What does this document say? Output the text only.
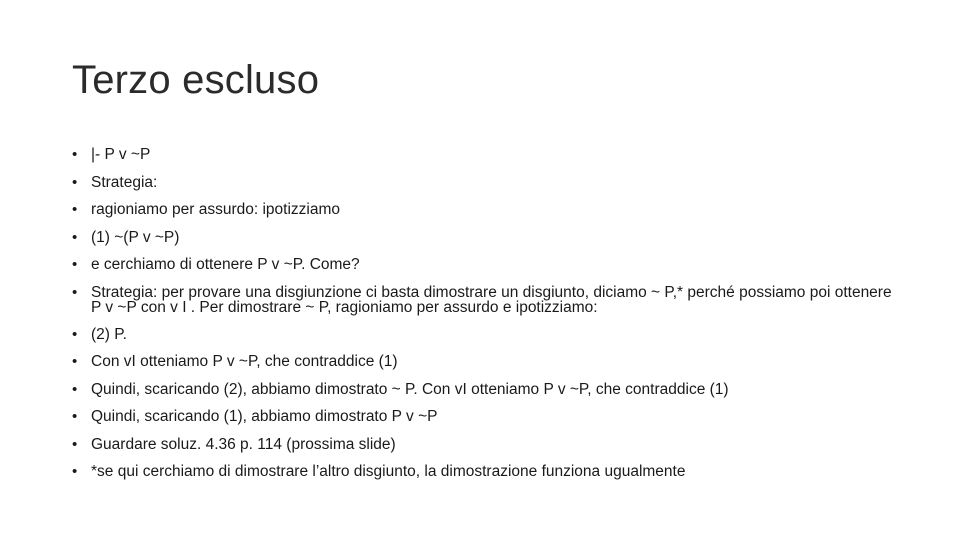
Terzo escluso
• |- P v ~P
• Strategia:
• ragioniamo per assurdo: ipotizziamo
• (1) ~(P v ~P)
• e cerchiamo di ottenere P v ~P. Come?
• Strategia: per provare una disgiunzione ci basta dimostrare un disgiunto, diciamo ~ P,* perché possiamo poi ottenere P v ~P con v I . Per dimostrare ~ P, ragioniamo per assurdo e ipotizziamo:
• (2) P.
• Con vI otteniamo P v ~P, che contraddice (1)
• Quindi, scaricando (2), abbiamo dimostrato ~ P. Con vI otteniamo P v ~P, che contraddice (1)
• Quindi, scaricando (1), abbiamo dimostrato P v ~P
• Guardare soluz. 4.36 p. 114 (prossima slide)
• *se qui cerchiamo di dimostrare l’altro disgiunto, la dimostrazione funziona ugualmente
